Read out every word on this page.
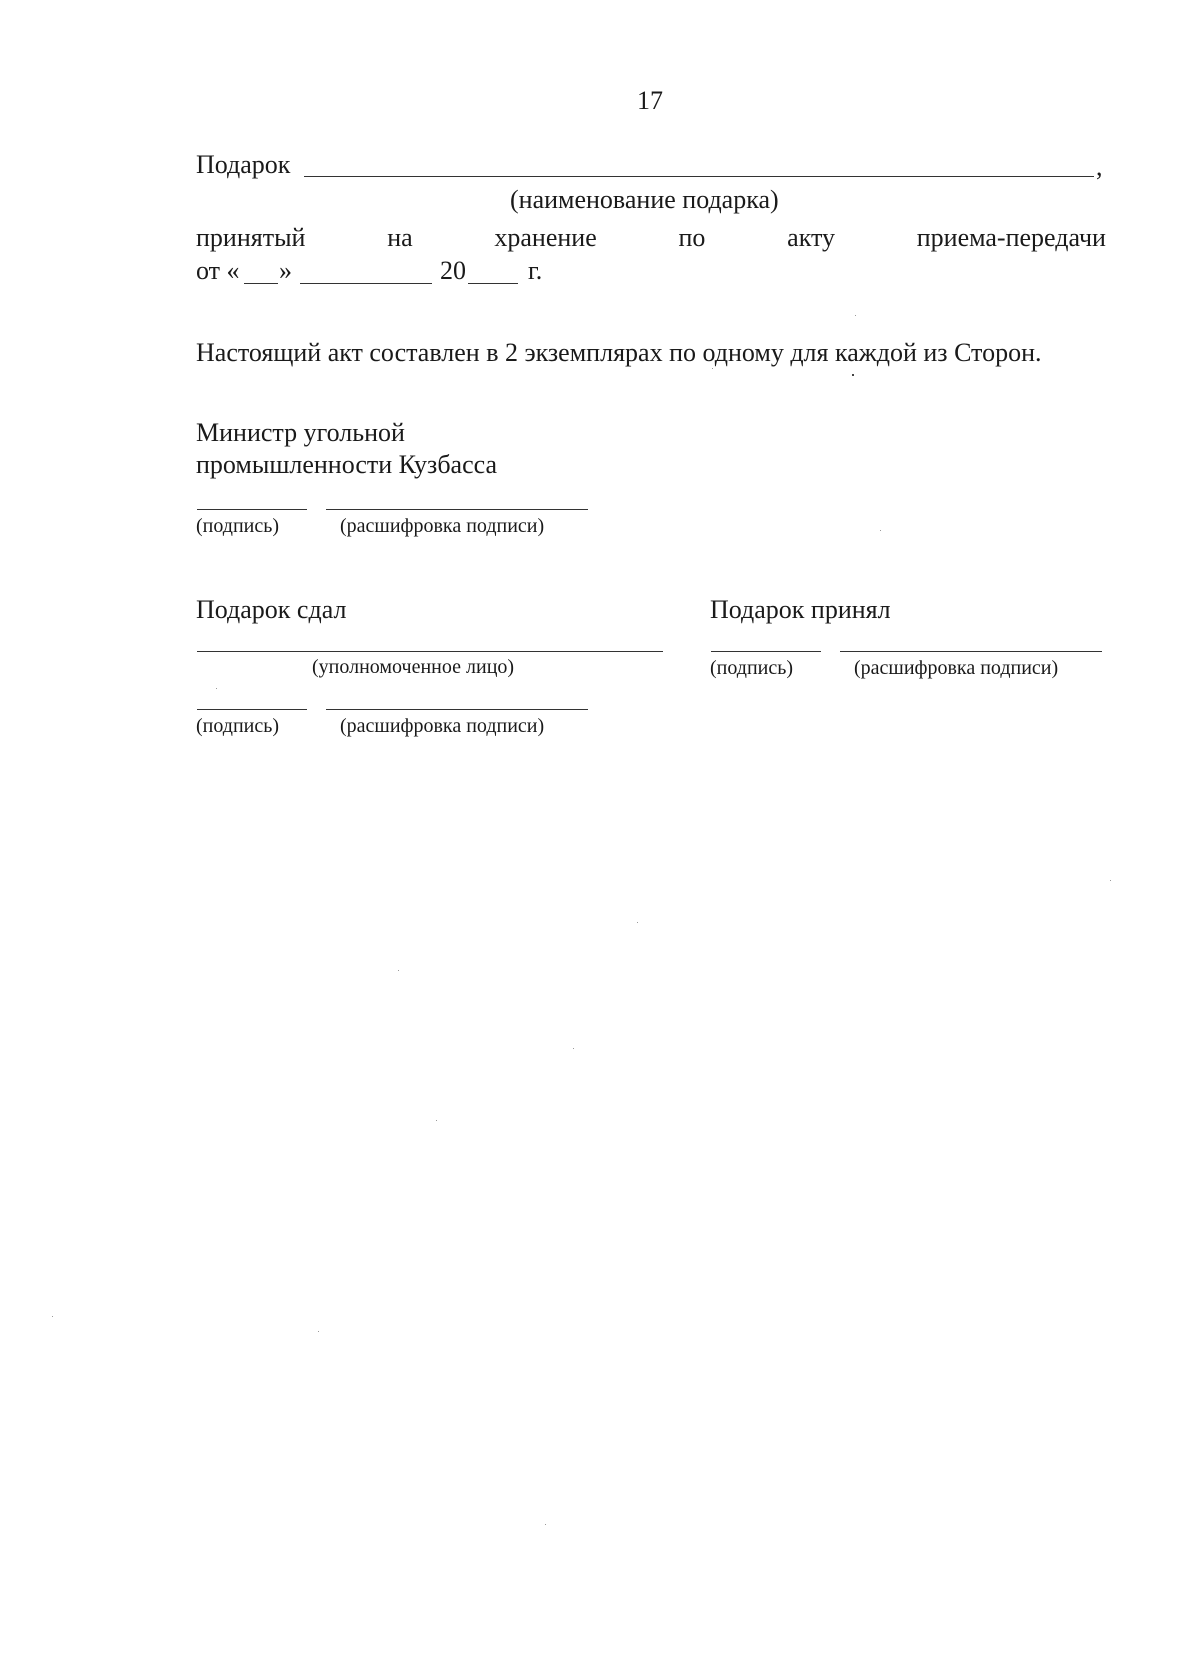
17
Подарок	,
(наименование подарка)
принятый	на	хранение	по	акту	приема-передачи
от « »	20 г.
Настоящий акт составлен в 2 экземплярах по одному для каждой из Сторон.
Министр угольной
промышленности Кузбасса
(подпись)	(расшифровка подписи)
Подарок сдал
(уполномоченное лицо)
(подпись)	(расшифровка подписи)
Подарок принял
(подпись)	(расшифровка подписи)
